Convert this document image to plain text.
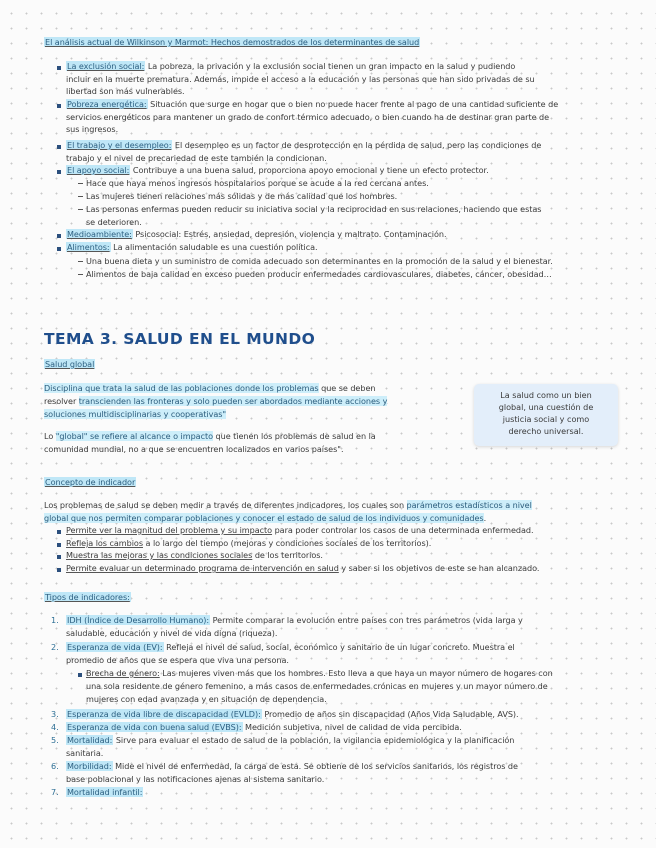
El análisis actual de Wilkinson y Marmot: Hechos demostrados de los determinantes de salud
La exclusión social: La pobreza, la privación y la exclusión social tienen un gran impacto en la salud y pudiendo
incluir en la muerte prematura. Además, impide el acceso a la educación y las personas que han sido privadas de su
libertad son más vulnerables.
Pobreza energética: Situación que surge en hogar que o bien no puede hacer frente al pago de una cantidad suficiente de
servicios energéticos para mantener un grado de confort térmico adecuado, o bien cuando ha de destinar gran parte de
sus ingresos.
El trabajo y el desempleo: El desempleo es un factor de desprotección en la pérdida de salud, pero las condiciones de
trabajo y el nivel de precariedad de este también la condicionan.
El apoyo social: Contribuye a una buena salud, proporciona apoyo emocional y tiene un efecto protector.
Hace que haya menos ingresos hospitalarios porque se acude a la red cercana antes.
Las mujeres tienen relaciones más sólidas y de más calidad que los hombres.
Las personas enfermas pueden reducir su iniciativa social y la reciprocidad en sus relaciones, haciendo que estas
se deterioren.
Medioambiente: Psicosocial: Estrés, ansiedad, depresión, violencia y maltrato. Contaminación.
Alimentos: La alimentación saludable es una cuestión política.
Una buena dieta y un suministro de comida adecuado son determinantes en la promoción de la salud y el bienestar.
Alimentos de baja calidad en exceso pueden producir enfermedades cardiovasculares, diabetes, cáncer, obesidad…
TEMA 3. SALUD EN EL MUNDO
Salud global
Disciplina que trata la salud de las poblaciones donde los problemas que se deben
resolver transcienden las fronteras y solo pueden ser abordados mediante acciones y
soluciones multidisciplinarias y cooperativas"
Lo "global" se refiere al alcance o impacto que tienen los problemas de salud en la
comunidad mundial, no a que se encuentren localizados en varios países".
La salud como un bien
global, una cuestión de
justicia social y como
derecho universal.
Concepto de indicador
Los problemas de salud se deben medir a través de diferentes indicadores, los cuales son parámetros estadísticos a nivel
global que nos permiten comparar poblaciones y conocer el estado de salud de los individuos y comunidades.
Permite ver la magnitud del problema y su impacto para poder controlar los casos de una determinada enfermedad.
Refleja los cambios a lo largo del tiempo (mejoras y condiciones sociales de los territorios).
Muestra las mejoras y las condiciones sociales de los territorios.
Permite evaluar un determinado programa de intervención en salud y saber si los objetivos de este se han alcanzado.
Tipos de indicadores:
1. IDH (Índice de Desarrollo Humano): Permite comparar la evolución entre países con tres parámetros (vida larga y
saludable, educación y nivel de vida digna (riqueza).
2. Esperanza de vida (EV): Refleja el nivel de salud, social, económico y sanitario de un lugar concreto. Muestra el
promedio de años que se espera que viva una persona.
Brecha de género: Las mujeres viven más que los hombres. Esto lleva a que haya un mayor número de hogares con
una sola residente de género femenino, a más casos de enfermedades crónicas en mujeres y un mayor número de
mujeres con edad avanzada y en situación de dependencia.
3. Esperanza de vida libre de discapacidad (EVLD): Promedio de años sin discapacidad (Años Vida Saludable, AVS).
4. Esperanza de vida con buena salud (EVBS): Medición subjetiva, nivel de calidad de vida percibida.
5. Mortalidad: Sirve para evaluar el estado de salud de la población, la vigilancia epidemiológica y la planificación
sanitaria.
6. Morbilidad: Mide el nivel de enfermedad, la carga de esta. Se obtiene de los servicios sanitarios, los registros de
base poblacional y las notificaciones ajenas al sistema sanitario.
7. Mortalidad infantil:
